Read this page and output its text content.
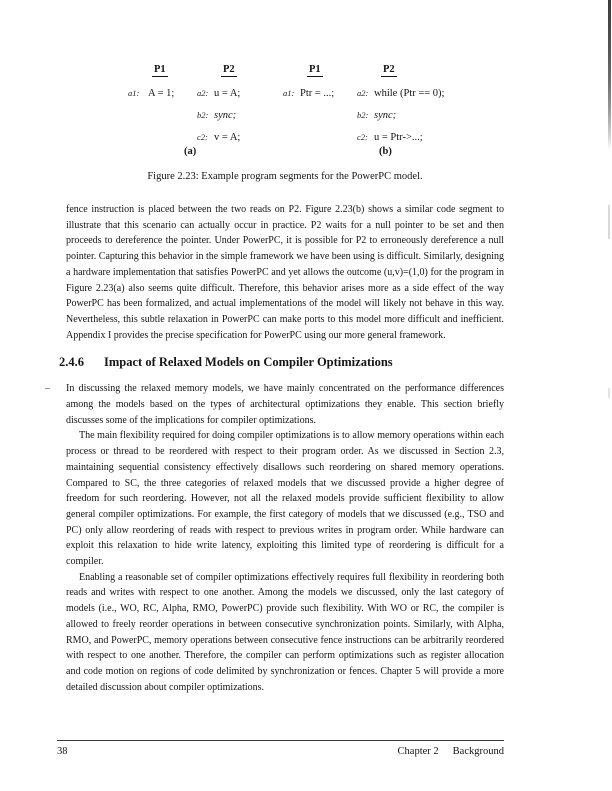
P1
a1: A = 1;
P2
a2: u = A;
b2: sync;
c2: v = A;
P1
a1: Ptr = ...;
P2
a2: while (Ptr == 0);
b2: sync;
c2: u = Ptr->...;
(a)	(b)
Figure 2.23: Example program segments for the PowerPC model.

fence instruction is placed between the two reads on P2. Figure 2.23(b) shows a similar code segment to illustrate that this scenario can actually occur in practice. P2 waits for a null pointer to be set and then proceeds to dereference the pointer. Under PowerPC, it is possible for P2 to erroneously dereference a null pointer. Capturing this behavior in the simple framework we have been using is difficult. Similarly, designing a hardware implementation that satisfies PowerPC and yet allows the outcome (u,v)=(1,0) for the program in Figure 2.23(a) also seems quite difficult. Therefore, this behavior arises more as a side effect of the way PowerPC has been formalized, and actual implementations of the model will likely not behave in this way. Nevertheless, this subtle relaxation in PowerPC can make ports to this model more difficult and inefficient. Appendix I provides the precise specification for PowerPC using our more general framework.

2.4.6 Impact of Relaxed Models on Compiler Optimizations
– In discussing the relaxed memory models, we have mainly concentrated on the performance differences among the models based on the types of architectural optimizations they enable. This section briefly discusses some of the implications for compiler optimizations.

The main flexibility required for doing compiler optimizations is to allow memory operations within each process or thread to be reordered with respect to their program order. As we discussed in Section 2.3, maintaining sequential consistency effectively disallows such reordering on shared memory operations. Compared to SC, the three categories of relaxed models that we discussed provide a higher degree of freedom for such reordering. However, not all the relaxed models provide sufficient flexibility to allow general compiler optimizations. For example, the first category of models that we discussed (e.g., TSO and PC) only allow reordering of reads with respect to previous writes in program order. While hardware can exploit this relaxation to hide write latency, exploiting this limited type of reordering is difficult for a compiler.

Enabling a reasonable set of compiler optimizations effectively requires full flexibility in reordering both reads and writes with respect to one another. Among the models we discussed, only the last category of models (i.e., WO, RC, Alpha, RMO, PowerPC) provide such flexibility. With WO or RC, the compiler is allowed to freely reorder operations in between consecutive synchronization points. Similarly, with Alpha, RMO, and PowerPC, memory operations between consecutive fence instructions can be arbitrarily reordered with respect to one another. Therefore, the compiler can perform optimizations such as register allocation and code motion on regions of code delimited by synchronization or fences. Chapter 5 will provide a more detailed discussion about compiler optimizations.

38	Chapter 2 Background
